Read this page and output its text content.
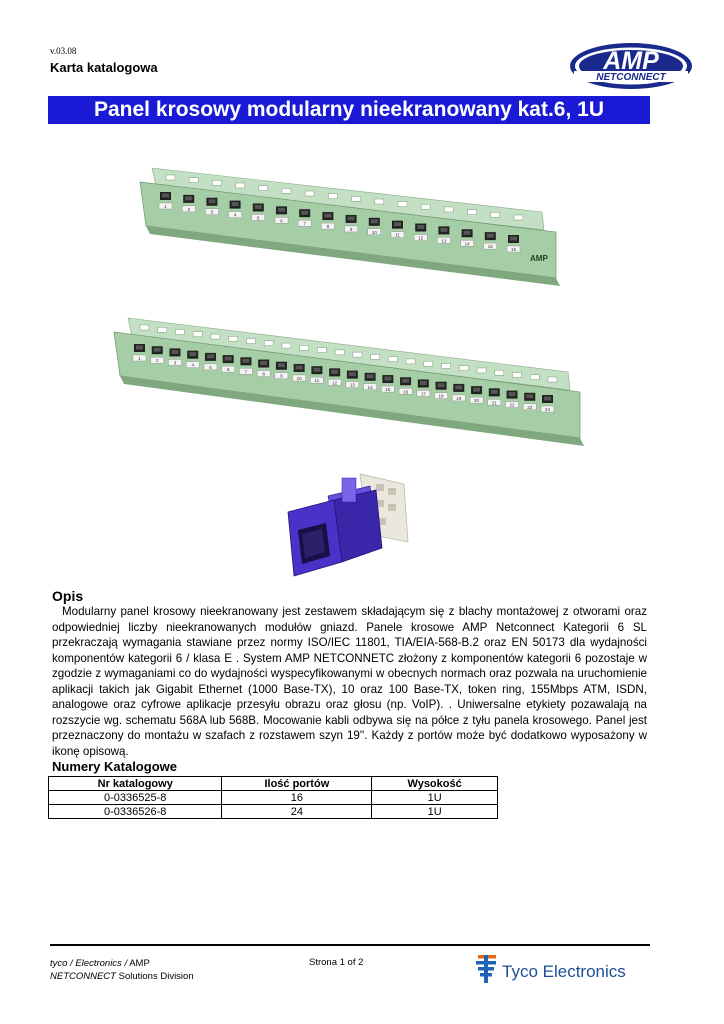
v.03.08
Karta katalogowa	AMP
NETCONNECT
Panel krosowy modularny nieekranowany kat.6, 1U
1
2
3
4
5
6
7
8
9
10
11
12
13
14
15
16
AMP
1	2	3	4	5	6	7	8	9	10	11	12	13	14	15	16	17	18	19	20	21	22	23	24
Opis
Modularny panel krosowy nieekranowany jest zestawem składającym się z blachy montażowej z otworami oraz odpowiedniej liczby nieekranowanych modułów gniazd. Panele krosowe AMP Netconnect Kategorii 6 SL przekraczają wymagania stawiane przez normy ISO/IEC 11801, TIA/EIA-568-B.2 oraz EN 50173 dla wydajności komponentów kategorii 6 / klasa E . System AMP NETCONNETC złożony z komponentów kategorii 6 pozostaje w zgodzie z wymaganiami co do wydajności wyspecyfikowanymi w obecnych normach oraz pozwala na uruchomienie aplikacji takich jak Gigabit Ethernet (1000 Base-TX), 10 oraz 100 Base-TX, token ring, 155Mbps ATM, ISDN, analogowe oraz cyfrowe aplikacje przesyłu obrazu oraz głosu (np. VoIP). . Uniwersalne etykiety pozawalają na rozszycie wg. schematu 568A lub 568B. Mocowanie kabli odbywa się na półce z tyłu panela krosowego. Panel jest przeznaczony do montażu w szafach z rozstawem szyn 19''. Każdy z portów może być dodatkowo wyposażony w ikonę opisową.
Numery Katalogowe
Nr katalogowy	Ilość portów	Wysokość
0-0336525-8	16	1U
0-0336526-8	24	1U
tyco / Electronics / AMP
NETCONNECT Solutions Division
Strona 1 of 2	Tyco Electronics
